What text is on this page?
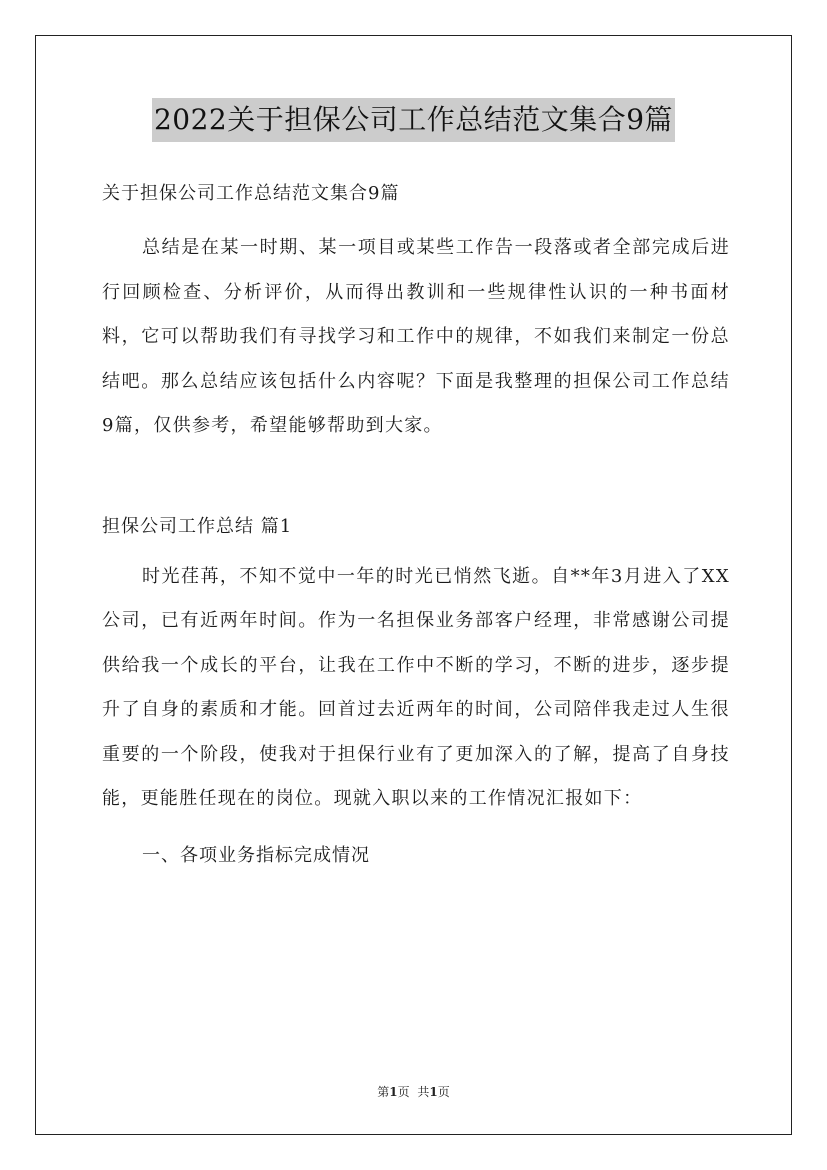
2022关于担保公司工作总结范文集合9篇

关于担保公司工作总结范文集合9篇

总结是在某一时期、某一项目或某些工作告一段落或者全部完成后进行回顾检查、分析评价，从而得出教训和一些规律性认识的一种书面材料，它可以帮助我们有寻找学习和工作中的规律，不如我们来制定一份总结吧。那么总结应该包括什么内容呢？下面是我整理的担保公司工作总结9篇，仅供参考，希望能够帮助到大家。

担保公司工作总结 篇1

时光荏苒，不知不觉中一年的时光已悄然飞逝。自**年3月进入了XX公司，已有近两年时间。作为一名担保业务部客户经理，非常感谢公司提供给我一个成长的平台，让我在工作中不断的学习，不断的进步，逐步提升了自身的素质和才能。回首过去近两年的时间，公司陪伴我走过人生很重要的一个阶段，使我对于担保行业有了更加深入的了解，提高了自身技能，更能胜任现在的岗位。现就入职以来的工作情况汇报如下：

一、各项业务指标完成情况

第1页 共1页
